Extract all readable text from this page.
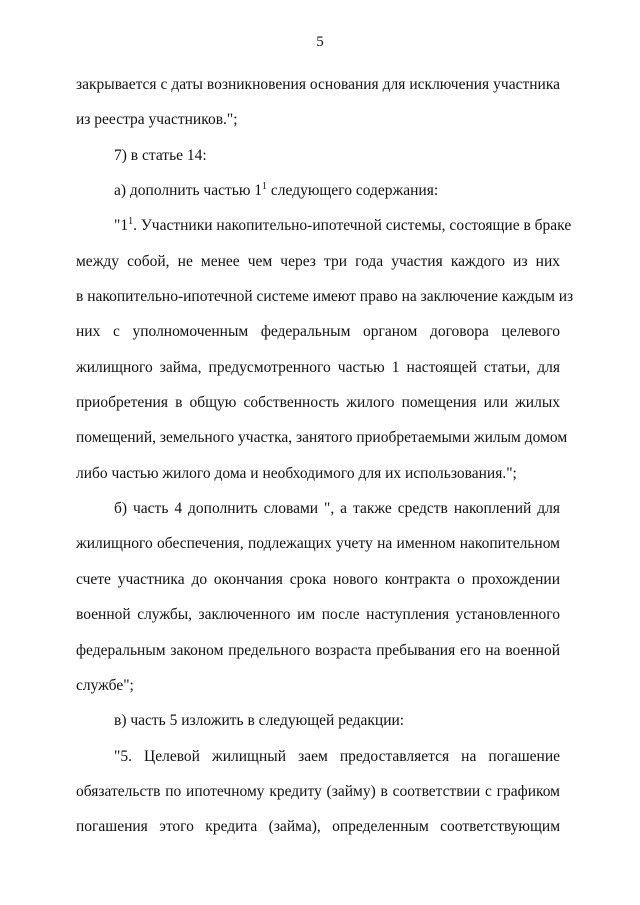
5
закрывается с даты возникновения основания для исключения участника
из реестра участников.";
7) в статье 14:
а) дополнить частью $1^1$ следующего содержания:
"$1^1$. Участники накопительно-ипотечной системы, состоящие в браке
между собой, не менее чем через три года участия каждого из них
в накопительно-ипотечной системе имеют право на заключение каждым из
них с уполномоченным федеральным органом договора целевого
жилищного займа, предусмотренного частью 1 настоящей статьи, для
приобретения в общую собственность жилого помещения или жилых
помещений, земельного участка, занятого приобретаемыми жилым домом
либо частью жилого дома и необходимого для их использования.";
б) часть 4 дополнить словами ", а также средств накоплений для
жилищного обеспечения, подлежащих учету на именном накопительном
счете участника до окончания срока нового контракта о прохождении
военной службы, заключенного им после наступления установленного
федеральным законом предельного возраста пребывания его на военной
службе";
в) часть 5 изложить в следующей редакции:
"5. Целевой жилищный заем предоставляется на погашение
обязательств по ипотечному кредиту (займу) в соответствии с графиком
погашения этого кредита (займа), определенным соответствующим
